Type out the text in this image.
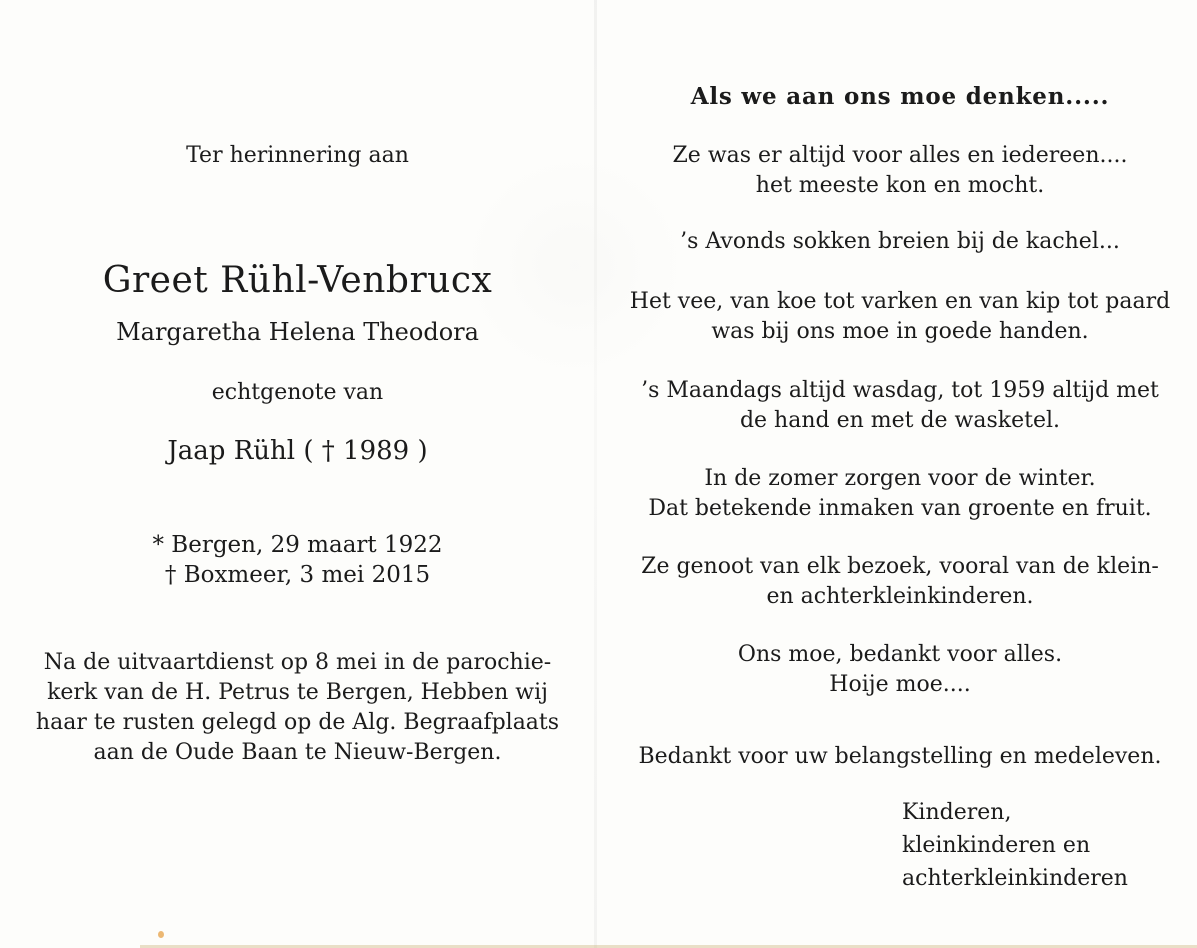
Ter herinnering aan
Greet Rühl-Venbrucx
Margaretha Helena Theodora
echtgenote van
Jaap Rühl ( † 1989 )
* Bergen, 29 maart 1922
† Boxmeer, 3 mei 2015
Na de uitvaartdienst op 8 mei in de parochie-
kerk van de H. Petrus te Bergen, Hebben wij
haar te rusten gelegd op de Alg. Begraafplaats
aan de Oude Baan te Nieuw-Bergen.
Als we aan ons moe denken.....
Ze was er altijd voor alles en iedereen....
het meeste kon en mocht.
’s Avonds sokken breien bij de kachel...
Het vee, van koe tot varken en van kip tot paard
was bij ons moe in goede handen.
’s Maandags altijd wasdag, tot 1959 altijd met
de hand en met de wasketel.
In de zomer zorgen voor de winter.
Dat betekende inmaken van groente en fruit.
Ze genoot van elk bezoek, vooral van de klein-
en achterkleinkinderen.
Ons moe, bedankt voor alles.
Hoije moe....
Bedankt voor uw belangstelling en medeleven.
Kinderen,
kleinkinderen en
achterkleinkinderen
